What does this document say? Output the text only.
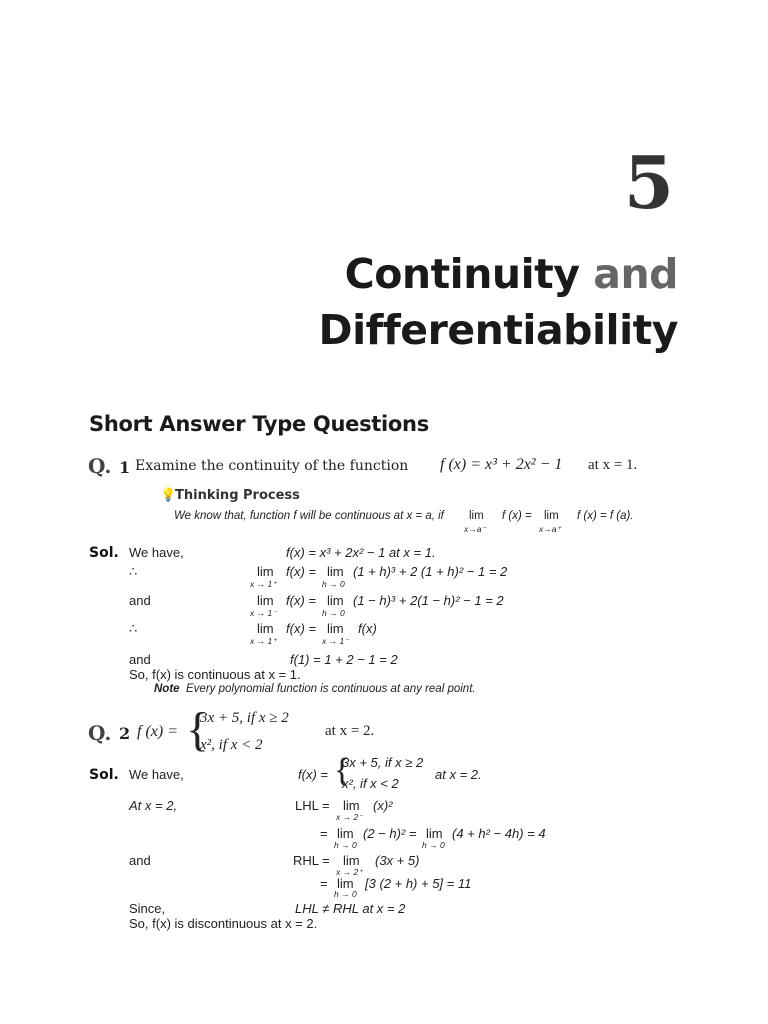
5
Continuity and
Differentiability
Short Answer Type Questions
Q. 1 Examine the continuity of the function f (x) = x³ + 2x² − 1 at x = 1.
💡
Thinking Process
We know that, function f will be continuous at x = a, if lim
x→a⁻
f (x) = lim
x→a⁺
f (x) = f (a).
Sol. We have,	f(x) = x³ + 2x² − 1 at x = 1.
∴	lim
x → 1⁺
f(x) = lim
h → 0
(1 + h)³ + 2 (1 + h)² − 1 = 2
and	lim
x → 1⁻
f(x) = lim
h → 0
(1 − h)³ + 2(1 − h)² − 1 = 2
∴	lim
x → 1⁺
f(x) = lim
x → 1⁻
f(x)
and	f(1) = 1 + 2 − 1 = 2
So, f(x) is continuous at x = 1.
Note Every polynomial function is continuous at any real point.
Q. 2 f (x) = {
3x + 5, if x ≥ 2
x², if x < 2
at x = 2.
Sol. We have,	f(x) = {
3x + 5, if x ≥ 2
x², if x < 2
at x = 2.
At x = 2,	LHL = lim
x → 2⁻
(x)²
= lim
h → 0
(2 − h)² = lim
h → 0
(4 + h² − 4h) = 4
and	RHL = lim
x → 2⁺
(3x + 5)
= lim
h → 0
[3 (2 + h) + 5] = 11
Since,	LHL ≠ RHL at x = 2
So, f(x) is discontinuous at x = 2.
